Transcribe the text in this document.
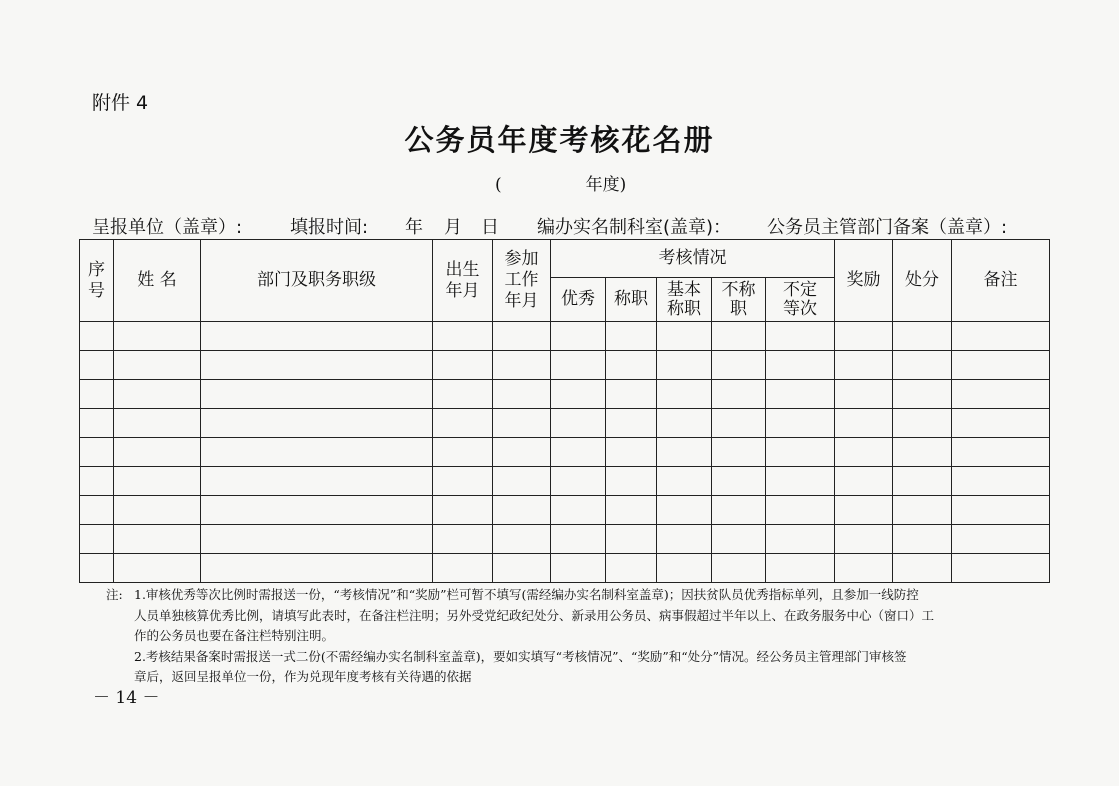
附件 4
公务员年度考核花名册
(	年度)
呈报单位（盖章）:	填报时间: 年 月 日 编办实名制科室(盖章)： 公务员主管部门备案（盖章）:
序号	姓 名	部门及职务职级	出生年月	参加工作年月	考核情况					奖励	处分	备注
					优秀	称职	基本称职	不称职	不定等次			

注: 1.审核优秀等次比例时需报送一份，“考核情况”和“奖励”栏可暂不填写(需经编办实名制科室盖章)；因扶贫队员优秀指标单列，且参加一线防控
人员单独核算优秀比例，请填写此表时，在备注栏注明；另外受党纪政纪处分、新录用公务员、病事假超过半年以上、在政务服务中心（窗口）工
作的公务员也要在备注栏特别注明。
2.考核结果备案时需报送一式二份(不需经编办实名制科室盖章)，要如实填写“考核情况”、“奖励”和“处分”情况。经公务员主管理部门审核签
章后，返回呈报单位一份，作为兑现年度考核有关待遇的依据
－ 14 －
